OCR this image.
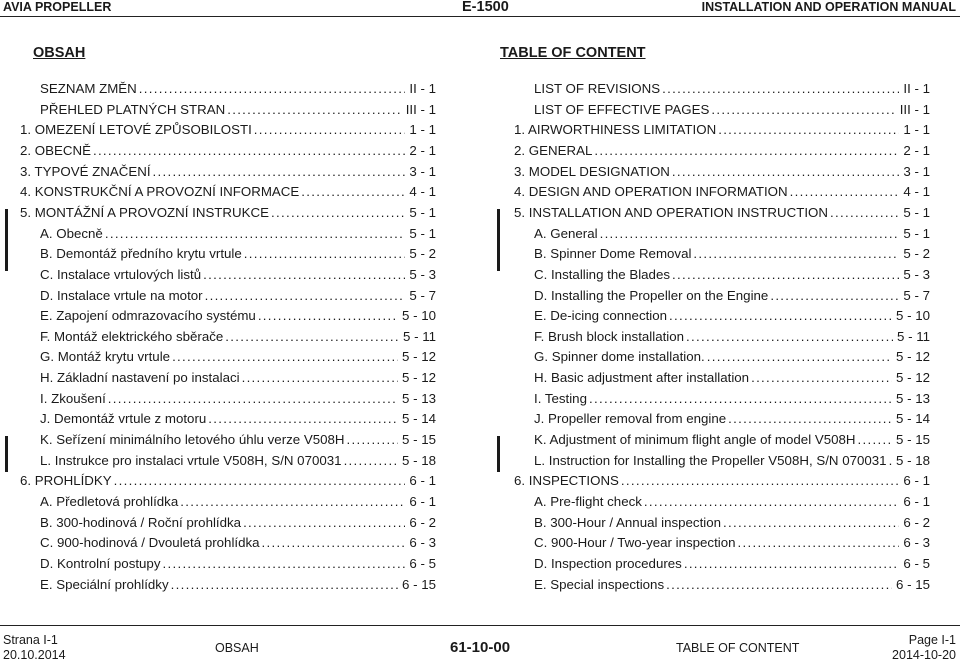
AVIA PROPELLER	E-1500	INSTALLATION AND OPERATION MANUAL
OBSAH	TABLE OF CONTENT
SEZNAM ZMĚN . . .	II - 1
PŘEHLED PLATNÝCH STRAN . . .	III - 1
1. OMEZENÍ LETOVÉ ZPŮSOBILOSTI . . .	1 - 1
2. OBECNĚ . . .	2 - 1
3. TYPOVÉ ZNAČENÍ . . .	3 - 1
4. KONSTRUKČNÍ A PROVOZNÍ INFORMACE . . .	4 - 1
5. MONTÁŽNÍ A PROVOZNÍ INSTRUKCE . . .	5 - 1
A. Obecně . . .	5 - 1
B. Demontáž předního krytu vrtule . . .	5 - 2
C. Instalace vrtulových listů . . .	5 - 3
D. Instalace vrtule na motor . . .	5 - 7
E. Zapojení odmrazovacího systému . . .	5 - 10
F. Montáž elektrického sběrače . . .	5 - 11
G. Montáž krytu vrtule . . .	5 - 12
H. Základní nastavení po instalaci . . .	5 - 12
I. Zkoušení . . .	5 - 13
J. Demontáž vrtule z motoru . . .	5 - 14
K. Seřízení minimálního letového úhlu verze V508H . . .	5 - 15
L. Instrukce pro instalaci vrtule V508H, S/N 070031 . . .	5 - 18
6. PROHLÍDKY . . .	6 - 1
A. Předletová prohlídka . . .	6 - 1
B. 300-hodinová / Roční prohlídka . . .	6 - 2
C. 900-hodinová / Dvouletá prohlídka . . .	6 - 3
D. Kontrolní postupy . . .	6 - 5
E. Speciální prohlídky . . .	6 - 15
LIST OF REVISIONS . . .	II - 1
LIST OF EFFECTIVE PAGES . . .	III - 1
1. AIRWORTHINESS LIMITATION . . .	1 - 1
2. GENERAL . . .	2 - 1
3. MODEL DESIGNATION . . .	3 - 1
4. DESIGN AND OPERATION INFORMATION . . .	4 - 1
5. INSTALLATION AND OPERATION INSTRUCTION . . .	5 - 1
A. General . . .	5 - 1
B. Spinner Dome Removal . . .	5 - 2
C. Installing the Blades . . .	5 - 3
D. Installing the Propeller on the Engine . . .	5 - 7
E. De-icing connection . . .	5 - 10
F. Brush block installation . . .	5 - 11
G. Spinner dome installation. . . .	5 - 12
H. Basic adjustment after installation . . .	5 - 12
I. Testing . . .	5 - 13
J. Propeller removal from engine . . .	5 - 14
K. Adjustment of minimum flight angle of model V508H . . .	5 - 15
L. Instruction for Installing the Propeller V508H, S/N 070031 . . . 5 - 18
6. INSPECTIONS . . .	6 - 1
A. Pre-flight check . . .	6 - 1
B. 300-Hour / Annual inspection . . .	6 - 2
C. 900-Hour / Two-year inspection . . .	6 - 3
D. Inspection procedures . . .	6 - 5
E. Special inspections . . .	6 - 15
Strana I-1
20.10.2014	OBSAH	61-10-00	TABLE OF CONTENT
Page I-1
2014-10-20
